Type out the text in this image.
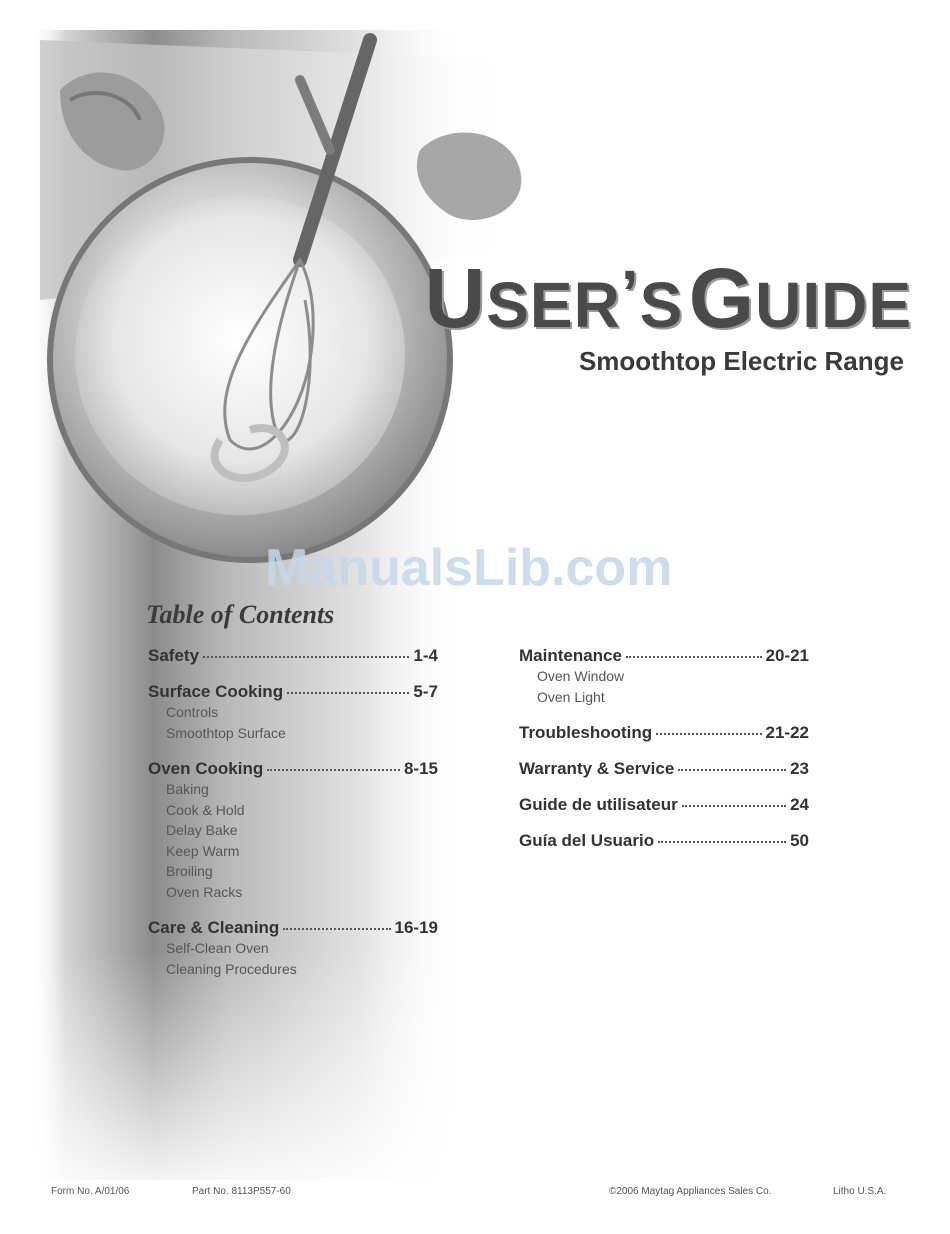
USER’S GUIDE
Smoothtop Electric Range
ManualsLib.com
Table of Contents
Safety	1-4
Surface Cooking	5-7
Controls
Smoothtop Surface
Oven Cooking	8-15
Baking
Cook & Hold
Delay Bake
Keep Warm
Broiling
Oven Racks
Care & Cleaning	16-19
Self-Clean Oven
Cleaning Procedures
Maintenance	20-21
Oven Window
Oven Light
Troubleshooting	21-22
Warranty & Service	23
Guide de utilisateur	24
Guía del Usuario	50
Form No. A/01/06	Part No. 8113P557-60	©2006 Maytag Appliances Sales Co.	Litho U.S.A.
